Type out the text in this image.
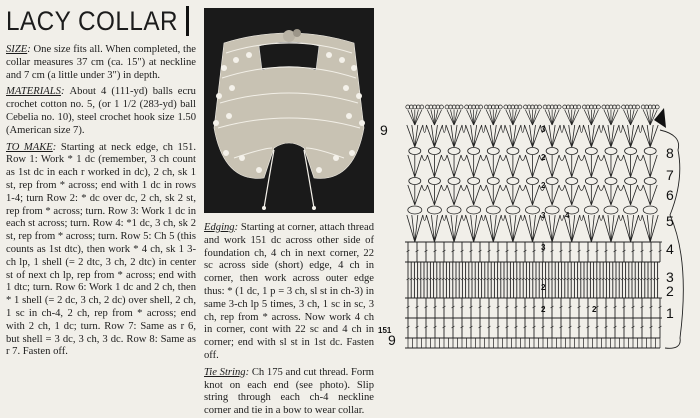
LACY COLLAR

SIZE: One size fits all. When completed, the collar measures 37 cm (ca. 15") at neckline and 7 cm (a little under 3") in depth.

MATERIALS: About 4 (111-yd) balls ecru crochet cotton no. 5, (or 1 1/2 (283-yd) ball Cebelia no. 10), steel crochet hook size 1.50 (American size 7).

TO MAKE: Starting at neck edge, ch 151. Row 1: Work * 1 dc (remember, 3 ch count as 1st dc in each r worked in dc), 2 ch, sk 1 st, rep from * across; end with 1 dc in rows 1-4; turn Row 2: * dc over dc, 2 ch, sk 2 st, rep from * across; turn. Row 3: Work 1 dc in each st across; turn. Row 4: *1 dc, 3 ch, sk 2 st, rep from * across; turn. Row 5: Ch 5 (this counts as 1st dtc), then work * 4 ch, sk 1 3-ch lp, 1 shell (= 2 dtc, 3 ch, 2 dtc) in center st of next ch lp, rep from * across; end with 1 dtc; turn. Row 6: Work 1 dc and 2 ch, then * 1 shell (= 2 dc, 3 ch, 2 dc) over shell, 2 ch, 1 sc in ch-4, 2 ch, rep from * across; end with 2 ch, 1 dc; turn. Row 7: Same as r 6, but shell = 3 dc, 3 ch, 3 dc. Row 8: Same as r 7. Fasten off.

Edging: Starting at corner, attach thread and work 151 dc across other side of foundation ch, 4 ch in next corner, 22 sc across side (short) edge, 4 ch in corner, then work across outer edge thus: * (1 dc, 1 p = 3 ch, sl st in ch-3) in same 3-ch lp 5 times, 3 ch, 1 sc in sc, 3 ch, rep from * across. Now work 4 ch in corner, cont with 22 sc and 4 ch in corner; end with sl st in 1st dc. Fasten off.

Tie String: Ch 175 and cut thread. Form knot on each end (see photo). Slip string through each ch-4 neckline corner and tie in a bow to wear collar.

8
7
6
5
4
3
2
1
9
9
151
3
2
2
3 4
3
2
2	2
